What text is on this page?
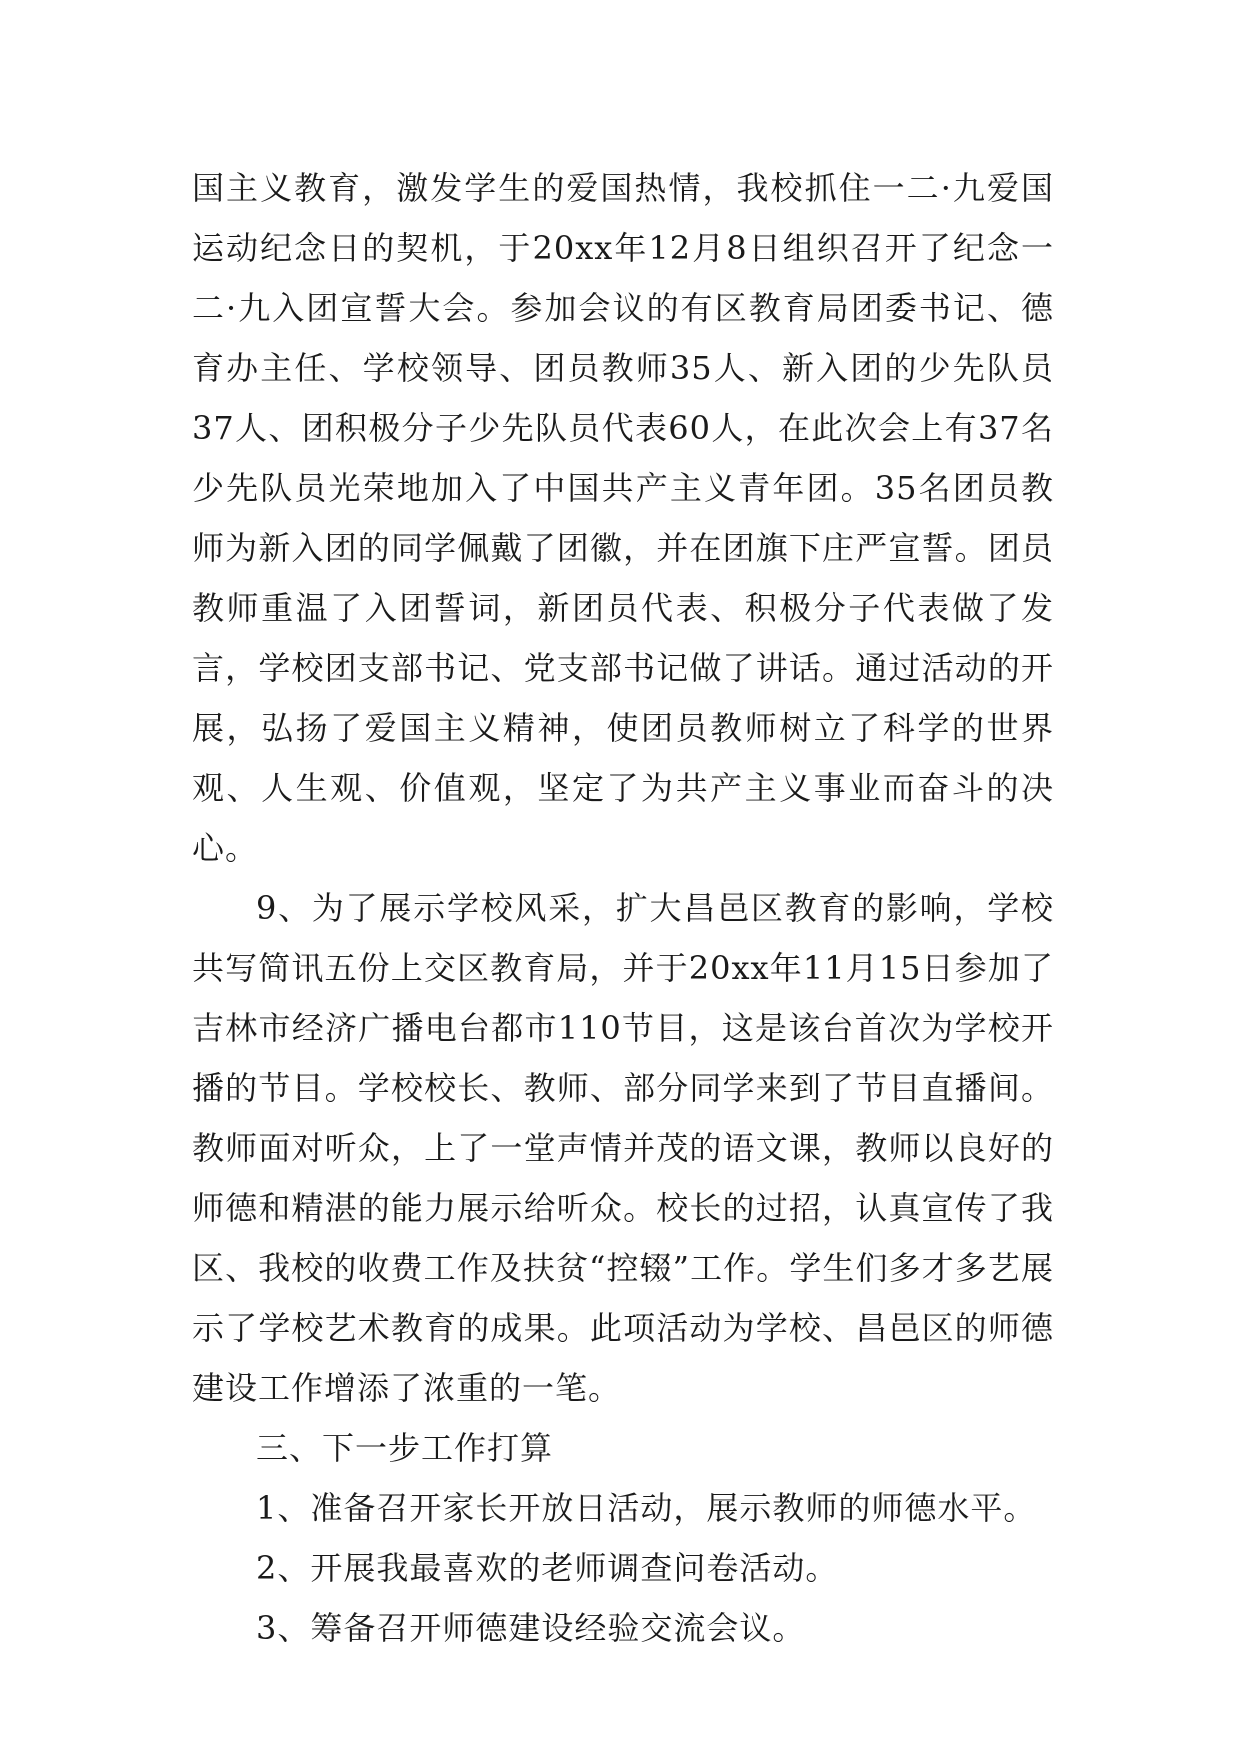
国主义教育，激发学生的爱国热情，我校抓住一二·九爱国运动纪念日的契机，于20xx年12月8日组织召开了纪念一二·九入团宣誓大会。参加会议的有区教育局团委书记、德育办主任、学校领导、团员教师35人、新入团的少先队员37人、团积极分子少先队员代表60人，在此次会上有37名少先队员光荣地加入了中国共产主义青年团。35名团员教师为新入团的同学佩戴了团徽，并在团旗下庄严宣誓。团员教师重温了入团誓词，新团员代表、积极分子代表做了发言，学校团支部书记、党支部书记做了讲话。通过活动的开展，弘扬了爱国主义精神，使团员教师树立了科学的世界观、人生观、价值观，坚定了为共产主义事业而奋斗的决心。

9、为了展示学校风采，扩大昌邑区教育的影响，学校共写简讯五份上交区教育局，并于20xx年11月15日参加了吉林市经济广播电台都市110节目，这是该台首次为学校开播的节目。学校校长、教师、部分同学来到了节目直播间。教师面对听众，上了一堂声情并茂的语文课，教师以良好的师德和精湛的能力展示给听众。校长的过招，认真宣传了我区、我校的收费工作及扶贫“控辍”工作。学生们多才多艺展示了学校艺术教育的成果。此项活动为学校、昌邑区的师德建设工作增添了浓重的一笔。

三、下一步工作打算

1、准备召开家长开放日活动，展示教师的师德水平。

2、开展我最喜欢的老师调查问卷活动。

3、筹备召开师德建设经验交流会议。
